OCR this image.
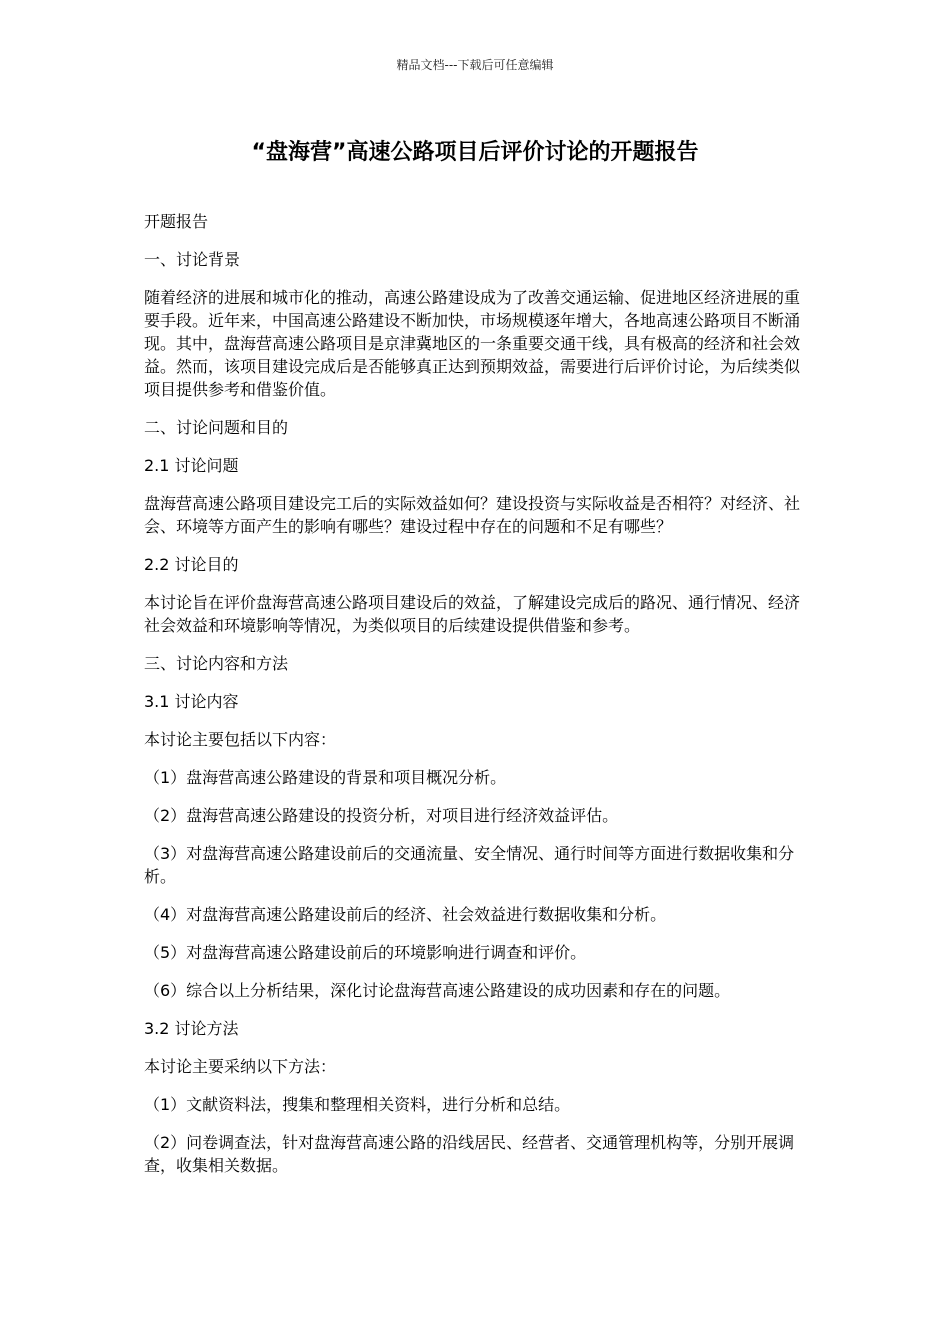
精品文档---下载后可任意编辑
“盘海营”高速公路项目后评价讨论的开题报告

开题报告

一、讨论背景

随着经济的进展和城市化的推动，高速公路建设成为了改善交通运输、促进地区经济进展的重要手段。近年来，中国高速公路建设不断加快，市场规模逐年增大，各地高速公路项目不断涌现。其中，盘海营高速公路项目是京津冀地区的一条重要交通干线，具有极高的经济和社会效益。然而，该项目建设完成后是否能够真正达到预期效益，需要进行后评价讨论，为后续类似项目提供参考和借鉴价值。

二、讨论问题和目的

2.1 讨论问题

盘海营高速公路项目建设完工后的实际效益如何？建设投资与实际收益是否相符？对经济、社会、环境等方面产生的影响有哪些？建设过程中存在的问题和不足有哪些？

2.2 讨论目的

本讨论旨在评价盘海营高速公路项目建设后的效益，了解建设完成后的路况、通行情况、经济社会效益和环境影响等情况，为类似项目的后续建设提供借鉴和参考。

三、讨论内容和方法

3.1 讨论内容

本讨论主要包括以下内容：

（1）盘海营高速公路建设的背景和项目概况分析。

（2）盘海营高速公路建设的投资分析，对项目进行经济效益评估。

（3）对盘海营高速公路建设前后的交通流量、安全情况、通行时间等方面进行数据收集和分析。

（4）对盘海营高速公路建设前后的经济、社会效益进行数据收集和分析。

（5）对盘海营高速公路建设前后的环境影响进行调查和评价。

（6）综合以上分析结果，深化讨论盘海营高速公路建设的成功因素和存在的问题。

3.2 讨论方法

本讨论主要采纳以下方法：

（1）文献资料法，搜集和整理相关资料，进行分析和总结。

（2）问卷调查法，针对盘海营高速公路的沿线居民、经营者、交通管理机构等，分别开展调查，收集相关数据。
